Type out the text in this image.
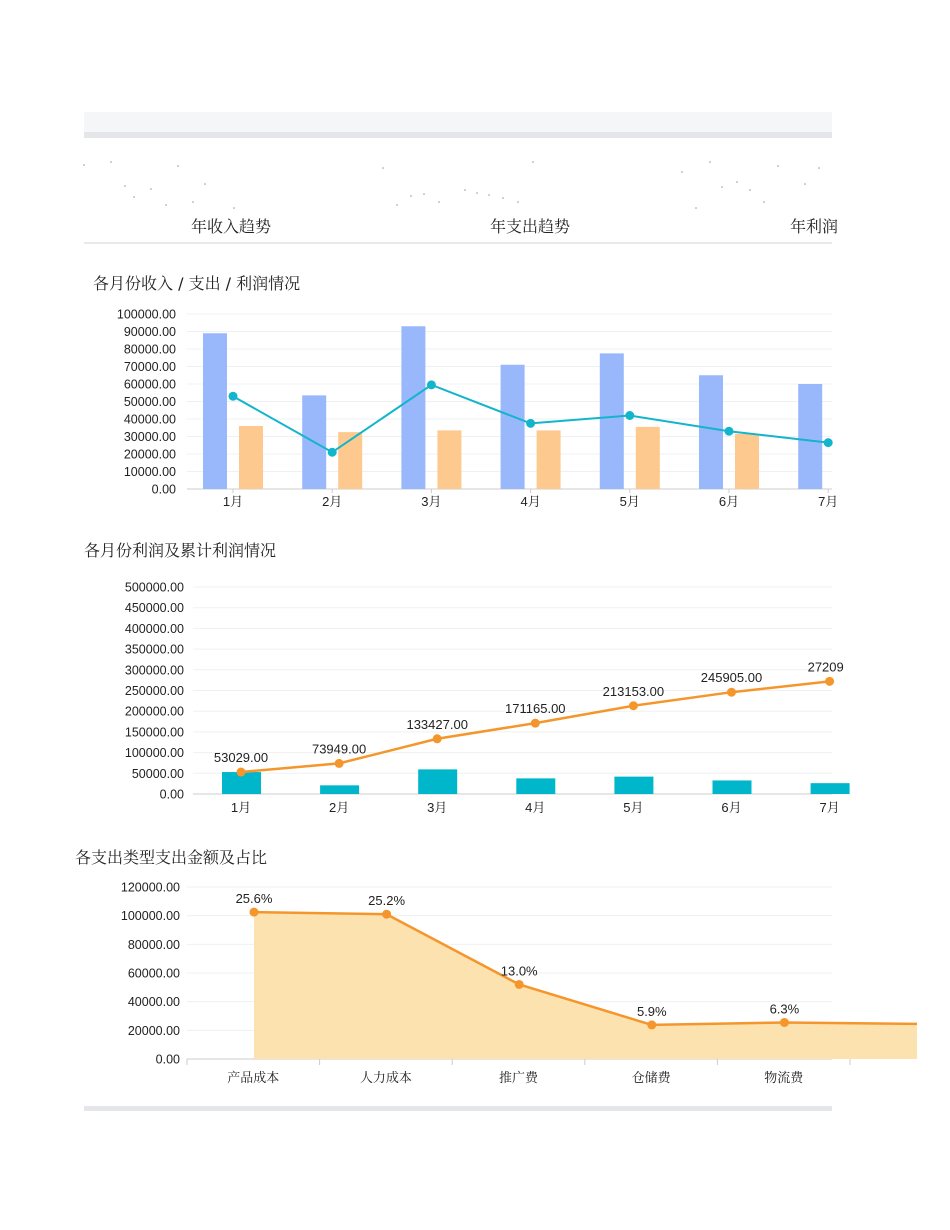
年收入趋势	年支出趋势	年利润
各月份收入 / 支出 / 利润情况
100000.00
90000.00
80000.00
70000.00
60000.00
50000.00
40000.00
30000.00
20000.00
10000.00
0.00
1月	2月	3月	4月	5月	6月	7月
各月份利润及累计利润情况
500000.00
450000.00
400000.00
350000.00
300000.00
250000.00
200000.00
150000.00
100000.00
50000.00
0.00
1月	2月	3月	4月	5月	6月	7月
53029.00
73949.00
133427.00
171165.00
213153.00
245905.00
27209
120000.00
100000.00
80000.00
60000.00
40000.00
20000.00
0.00
产品成本	人力成本	推广费	仓储费	物流费
25.6%	25.2%
13.0%
5.9%	6.3%
各支出类型支出金额及占比
